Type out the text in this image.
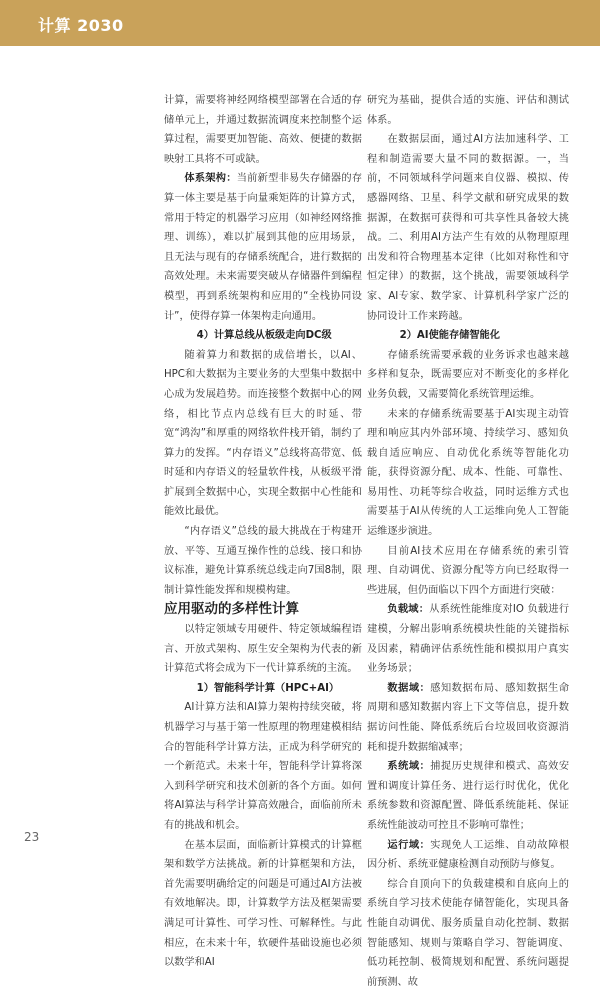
计算 2030

计算，需要将神经网络模型部署在合适的存储单元上，并通过数据流调度来控制整个运算过程，需要更加智能、高效、便捷的数据映射工具将不可或缺。

体系架构：当前新型非易失存储器的存算一体主要是基于向量乘矩阵的计算方式，常用于特定的机器学习应用（如神经网络推理、训练），难以扩展到其他的应用场景，且无法与现有的存储系统配合，进行数据的高效处理。未来需要突破从存储器件到编程模型，再到系统架构和应用的“全栈协同设计”，使得存算一体架构走向通用。

4）计算总线从板级走向DC级

随着算力和数据的成倍增长，以AI、HPC和大数据为主要业务的大型集中数据中心成为发展趋势。而连接整个数据中心的网络，相比节点内总线有巨大的时延、带宽“鸿沟”和厚重的网络软件栈开销，制约了算力的发挥。“内存语义”总线将高带宽、低时延和内存语义的轻量软件栈，从板级平滑扩展到全数据中心，实现全数据中心性能和能效比最优。

“内存语义”总线的最大挑战在于构建开放、平等、互通互操作性的总线、接口和协议标准，避免计算系统总线走向7国8制，限制计算性能发挥和规模构建。

应用驱动的多样性计算

以特定领域专用硬件、特定领域编程语言、开放式架构、原生安全架构为代表的新计算范式将会成为下一代计算系统的主流。

1）智能科学计算（HPC+AI）

AI计算方法和AI算力架构持续突破，将机器学习与基于第一性原理的物理建模相结合的智能科学计算方法，正成为科学研究的一个新范式。未来十年，智能科学计算将深入到科学研究和技术创新的各个方面。如何将AI算法与科学计算高效融合，面临前所未有的挑战和机会。

在基本层面，面临新计算模式的计算框架和数学方法挑战。新的计算框架和方法，首先需要明确给定的问题是可通过AI方法被有效地解决。即，计算数学方法及框架需要满足可计算性、可学习性、可解释性。与此相应，在未来十年，软硬件基础设施也必须以数学和AI

研究为基础，提供合适的实施、评估和测试体系。

在数据层面，通过AI方法加速科学、工程和制造需要大量不同的数据源。一，当前，不同领域科学问题来自仪器、模拟、传感器网络、卫星、科学文献和研究成果的数据源，在数据可获得和可共享性具备较大挑战。二、利用AI方法产生有效的从物理原理出发和符合物理基本定律（比如对称性和守恒定律）的数据，这个挑战，需要领域科学家、AI专家、数学家、计算机科学家广泛的协同设计工作来跨越。

2）AI使能存储智能化

存储系统需要承载的业务诉求也越来越多样和复杂，既需要应对不断变化的多样化业务负载，又需要简化系统管理运维。

未来的存储系统需要基于AI实现主动管理和响应其内外部环境、持续学习、感知负载自适应响应、自动优化系统等智能化功能，获得资源分配、成本、性能、可靠性、易用性、功耗等综合收益，同时运维方式也需要基于AI从传统的人工运维向免人工智能运维逐步演进。

目前AI技术应用在存储系统的索引管理、自动调优、资源分配等方向已经取得一些进展，但仍面临以下四个方面进行突破：

负载域：从系统性能维度对IO 负载进行建模，分解出影响系统模块性能的关键指标及因素，精确评估系统性能和模拟用户真实业务场景；

数据域：感知数据布局、感知数据生命周期和感知数据内容上下文等信息，提升数据访问性能、降低系统后台垃圾回收资源消耗和提升数据缩减率；

系统域：捕捉历史规律和模式、高效安置和调度计算任务、进行运行时优化，优化系统参数和资源配置、降低系统能耗、保证系统性能波动可控且不影响可靠性；

运行域：实现免人工运维、自动故障根因分析、系统亚健康检测自动预防与修复。

综合自顶向下的负载建模和自底向上的系统自学习技术使能存储智能化，实现具备性能自动调优、服务质量自动化控制、数据智能感知、规则与策略自学习、智能调度、低功耗控制、极简规划和配置、系统问题提前预测、故

23
